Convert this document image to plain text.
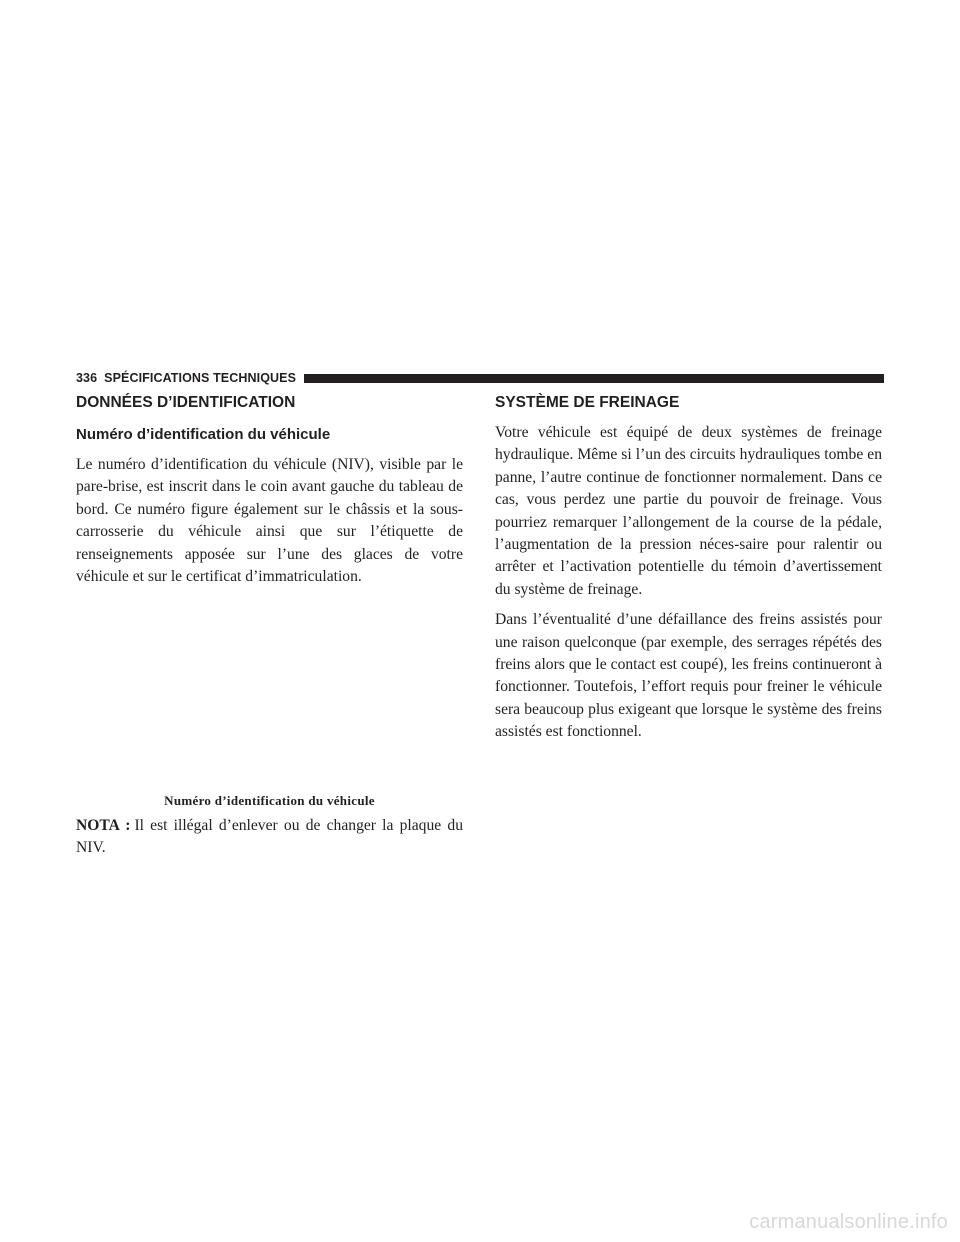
336 SPÉCIFICATIONS TECHNIQUES
DONNÉES D’IDENTIFICATION
Numéro d’identification du véhicule

Le numéro d’identification du véhicule (NIV), visible par le pare-brise, est inscrit dans le coin avant gauche du tableau de bord. Ce numéro figure également sur le châssis et la sous-carrosserie du véhicule ainsi que sur l’étiquette de renseignements apposée sur l’une des glaces de votre véhicule et sur le certificat d’immatriculation.

Numéro d’identification du véhicule
NOTA : Il est illégal d’enlever ou de changer la plaque du NIV.
SYSTÈME DE FREINAGE

Votre véhicule est équipé de deux systèmes de freinage hydraulique. Même si l’un des circuits hydrauliques tombe en panne, l’autre continue de fonctionner normalement. Dans ce cas, vous perdez une partie du pouvoir de freinage. Vous pourriez remarquer l’allongement de la course de la pédale, l’augmentation de la pression néces-saire pour ralentir ou arrêter et l’activation potentielle du témoin d’avertissement du système de freinage.

Dans l’éventualité d’une défaillance des freins assistés pour une raison quelconque (par exemple, des serrages répétés des freins alors que le contact est coupé), les freins continueront à fonctionner. Toutefois, l’effort requis pour freiner le véhicule sera beaucoup plus exigeant que lorsque le système des freins assistés est fonctionnel.

carmanualsonline.info
